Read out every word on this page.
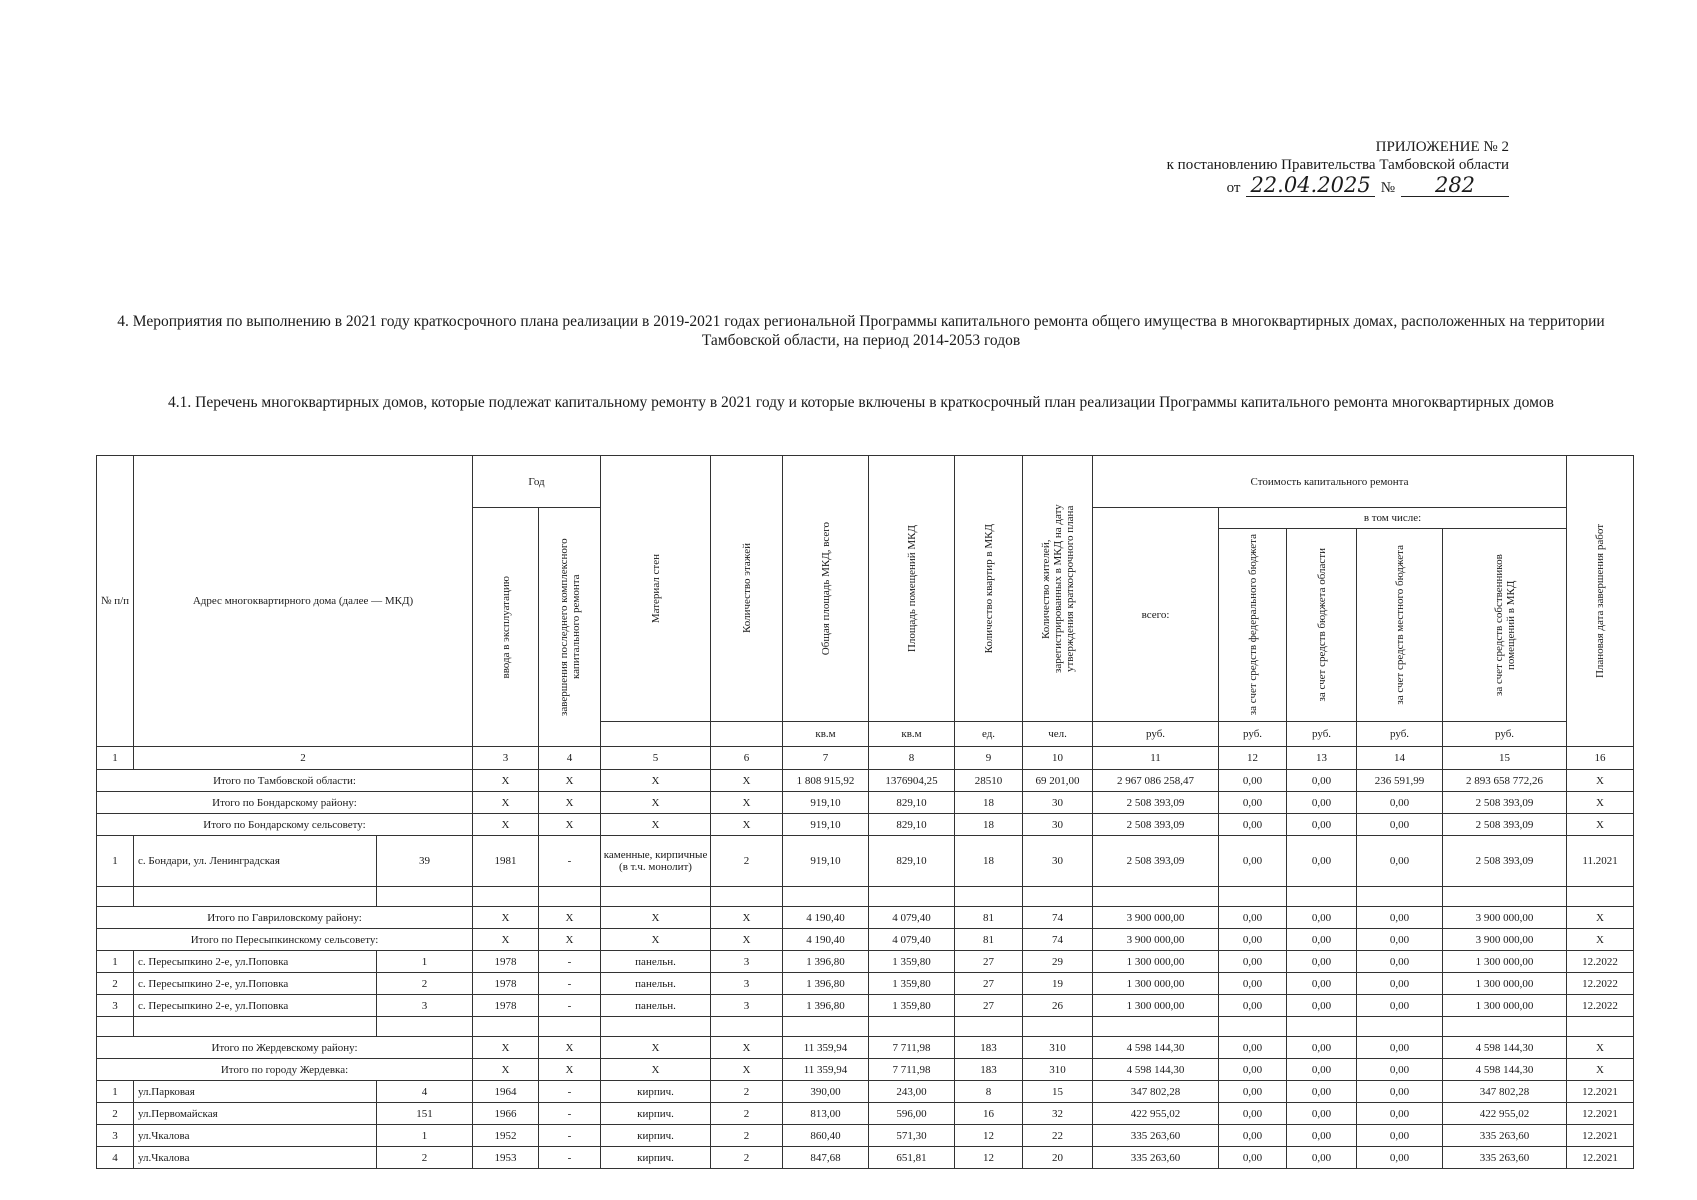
ПРИЛОЖЕНИЕ № 2
к постановлению Правительства Тамбовской области
от 22.04.2025 №	282
4. Мероприятия по выполнению в 2021 году краткосрочного плана реализации в 2019-2021 годах региональной Программы капитального ремонта общего имущества в многоквартирных домах, расположенных на территории Тамбовской области, на период 2014-2053 годов
4.1. Перечень многоквартирных домов, которые подлежат капитальному ремонту в 2021 году и которые включены в краткосрочный план реализации Программы капитального ремонта многоквартирных домов
№ п/п	Адрес многоквартирного дома (далее — МКД)		Год		Материал стен	Количество этажей	Общая площадь МКД, всего	Площадь помещений МКД	Количество квартир в МКД	Количество жителей, зарегистрированных в МКД на дату утверждения краткосрочного плана	Стоимость капитального ремонта					Плановая дата завершения работ

			ввода в эксплуатацию	завершения последнего комплексного капитального ремонта							всего:	в том числе:				

												за счет средств федерального бюджета	за счет средств бюджета области	за счет средств местного бюджета	за счет средств собственников помещений в МКД	

							кв.м	кв.м	ед.	чел.	руб.	руб.	руб.	руб.	руб.	
1	2		3	4	5	6	7	8	9	10	11	12	13	14	15	16
Итого по Тамбовской области:			X	X	X	X	1 808 915,92	1376904,25	28510	69 201,00	2 967 086 258,47	0,00	0,00	236 591,99	2 893 658 772,26	X
Итого по Бондарскому району:			X	X	X	X	919,10	829,10	18	30	2 508 393,09	0,00	0,00	0,00	2 508 393,09	X
Итого по Бондарскому сельсовету:			X	X	X	X	919,10	829,10	18	30	2 508 393,09	0,00	0,00	0,00	2 508 393,09	X
1	с. Бондари, ул. Ленинградская	39	1981	-	каменные, кирпичные (в т.ч. монолит)	2	919,10	829,10	18	30	2 508 393,09	0,00	0,00	0,00	2 508 393,09	11.2021

Итого по Гавриловскому району:			X	X	X	X	4 190,40	4 079,40	81	74	3 900 000,00	0,00	0,00	0,00	3 900 000,00	X
Итого по Пересыпкинскому сельсовету:			X	X	X	X	4 190,40	4 079,40	81	74	3 900 000,00	0,00	0,00	0,00	3 900 000,00	X
1	с. Пересыпкино 2-е, ул.Поповка	1	1978	-	панельн.	3	1 396,80	1 359,80	27	29	1 300 000,00	0,00	0,00	0,00	1 300 000,00	12.2022
2	с. Пересыпкино 2-е, ул.Поповка	2	1978	-	панельн.	3	1 396,80	1 359,80	27	19	1 300 000,00	0,00	0,00	0,00	1 300 000,00	12.2022
3	с. Пересыпкино 2-е, ул.Поповка	3	1978	-	панельн.	3	1 396,80	1 359,80	27	26	1 300 000,00	0,00	0,00	0,00	1 300 000,00	12.2022

Итого по Жердевскому району:			X	X	X	X	11 359,94	7 711,98	183	310	4 598 144,30	0,00	0,00	0,00	4 598 144,30	X
Итого по городу Жердевка:			X	X	X	X	11 359,94	7 711,98	183	310	4 598 144,30	0,00	0,00	0,00	4 598 144,30	X
1	ул.Парковая	4	1964	-	кирпич.	2	390,00	243,00	8	15	347 802,28	0,00	0,00	0,00	347 802,28	12.2021
2	ул.Первомайская	151	1966	-	кирпич.	2	813,00	596,00	16	32	422 955,02	0,00	0,00	0,00	422 955,02	12.2021
3	ул.Чкалова	1	1952	-	кирпич.	2	860,40	571,30	12	22	335 263,60	0,00	0,00	0,00	335 263,60	12.2021
4	ул.Чкалова	2	1953	-	кирпич.	2	847,68	651,81	12	20	335 263,60	0,00	0,00	0,00	335 263,60	12.2021
